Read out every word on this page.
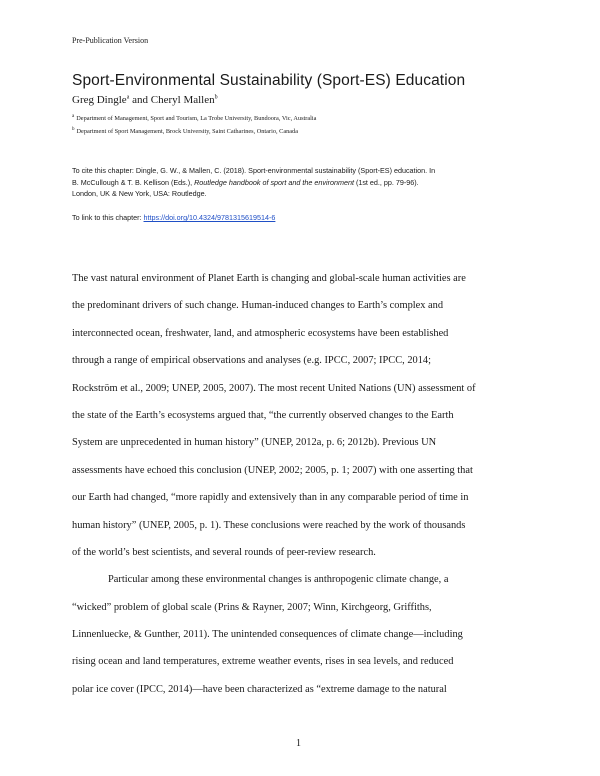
Pre-Publication Version
Sport-Environmental Sustainability (Sport-ES) Education
Greg Dingle$^a$ and Cheryl Mallen$^b$
$^a$ Department of Management, Sport and Tourism, La Trobe University, Bundoora, Vic, Australia
$^b$ Department of Sport Management, Brock University, Saint Catharines, Ontario, Canada
To cite this chapter: Dingle, G. W., & Mallen, C. (2018). Sport-environmental sustainability (Sport-ES) education. In
B. McCullough & T. B. Kellison (Eds.), Routledge handbook of sport and the environment (1st ed., pp. 79-96).
London, UK & New York, USA: Routledge.
To link to this chapter: https://doi.org/10.4324/9781315619514-6
The vast natural environment of Planet Earth is changing and global-scale human activities are
the predominant drivers of such change. Human-induced changes to Earth’s complex and
interconnected ocean, freshwater, land, and atmospheric ecosystems have been established
through a range of empirical observations and analyses (e.g. IPCC, 2007; IPCC, 2014;
Rockström et al., 2009; UNEP, 2005, 2007). The most recent United Nations (UN) assessment of
the state of the Earth’s ecosystems argued that, “the currently observed changes to the Earth
System are unprecedented in human history” (UNEP, 2012a, p. 6; 2012b). Previous UN
assessments have echoed this conclusion (UNEP, 2002; 2005, p. 1; 2007) with one asserting that
our Earth had changed, “more rapidly and extensively than in any comparable period of time in
human history” (UNEP, 2005, p. 1). These conclusions were reached by the work of thousands
of the world’s best scientists, and several rounds of peer-review research.
Particular among these environmental changes is anthropogenic climate change, a
“wicked” problem of global scale (Prins & Rayner, 2007; Winn, Kirchgeorg, Griffiths,
Linnenluecke, & Gunther, 2011). The unintended consequences of climate change—including
rising ocean and land temperatures, extreme weather events, rises in sea levels, and reduced
polar ice cover (IPCC, 2014)—have been characterized as “extreme damage to the natural
1
